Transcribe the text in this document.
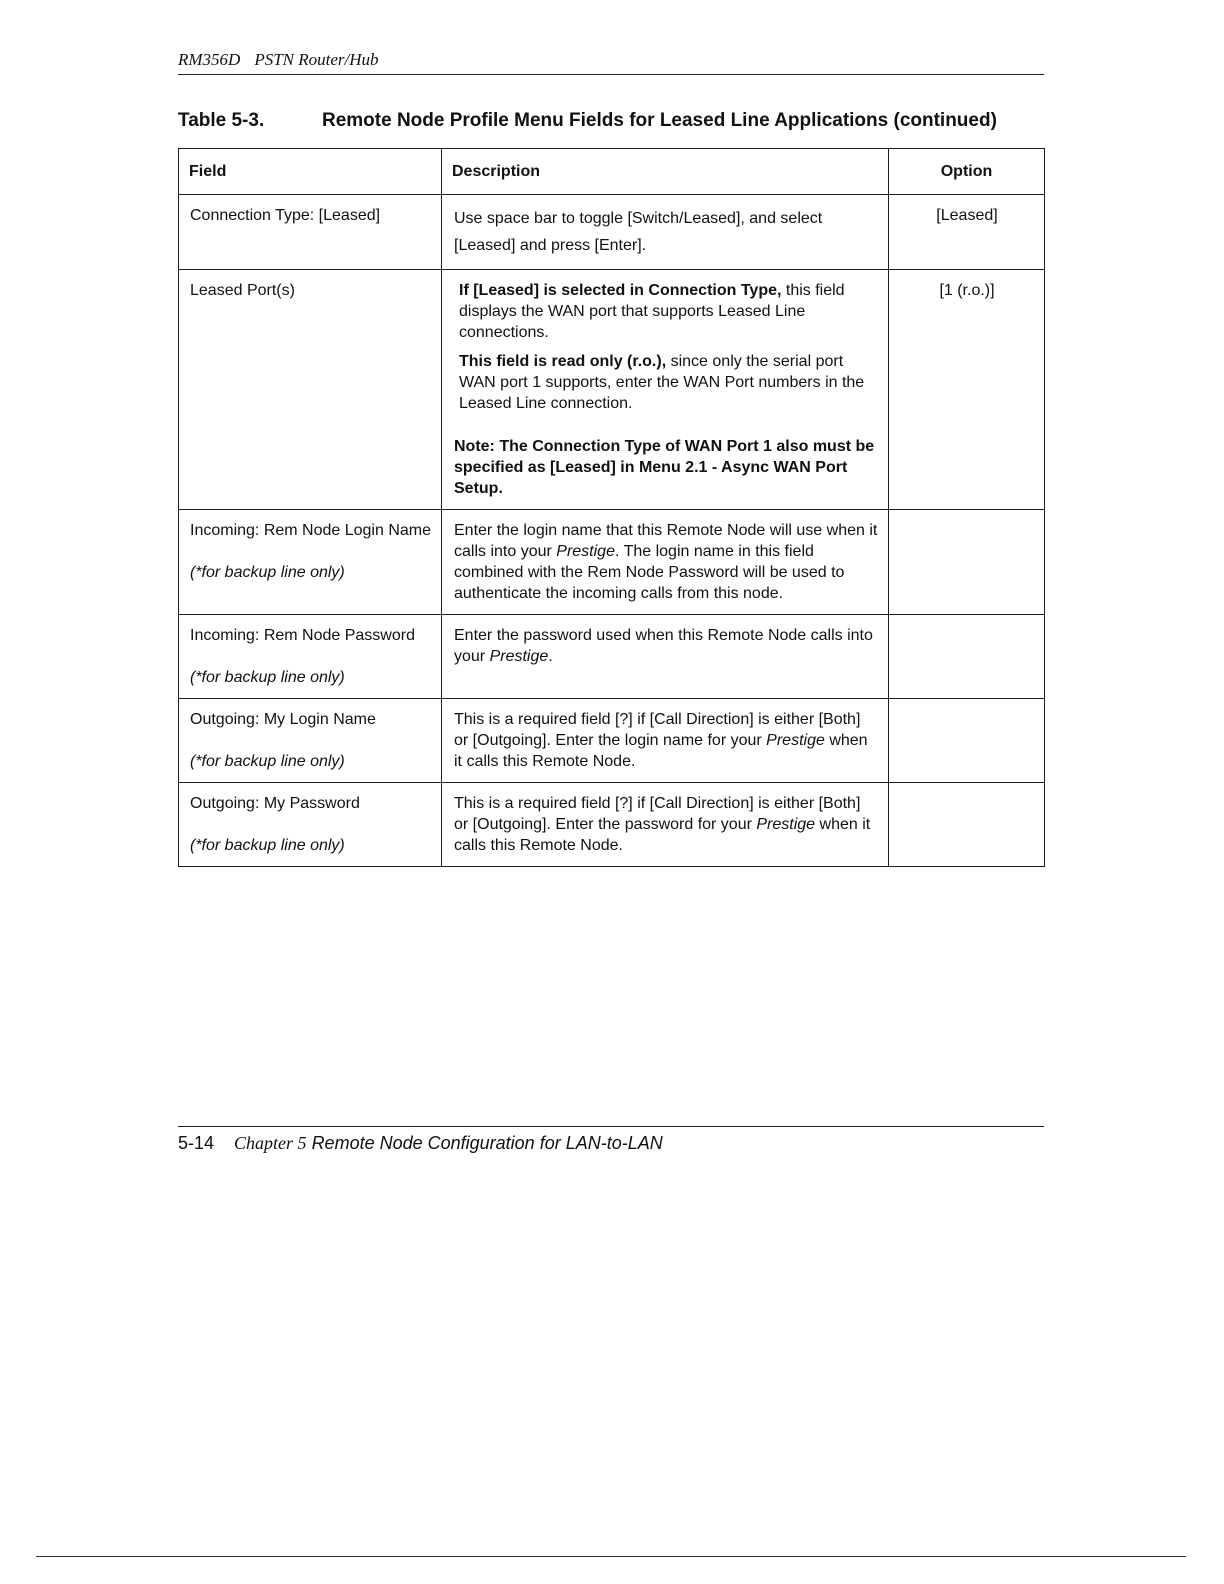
RM356D PSTN Router/Hub
Table 5-3.	Remote Node Profile Menu Fields for Leased Line Applications (continued)
Field	Description	Option
Connection Type: [Leased]	Use space bar to toggle [Switch/Leased], and select [Leased] and press [Enter].	[Leased]
Leased Port(s)	If [Leased] is selected in Connection Type, this field displays the WAN port that supports Leased Line connections.
This field is read only (r.o.), since only the serial port WAN port 1 supports, enter the WAN Port numbers in the Leased Line connection.
Note: The Connection Type of WAN Port 1 also must be specified as [Leased] in Menu 2.1 - Async WAN Port Setup.	[1 (r.o.)]

Incoming: Rem Node Login Name
(*for backup line only)	Enter the login name that this Remote Node will use when it calls into your Prestige. The login name in this field combined with the Rem Node Password will be used to authenticate the incoming calls from this node.	

Incoming: Rem Node Password
(*for backup line only)	Enter the password used when this Remote Node calls into your Prestige.	

Outgoing: My Login Name
(*for backup line only)	This is a required field [?] if [Call Direction] is either [Both] or [Outgoing]. Enter the login name for your Prestige when it calls this Remote Node.	

Outgoing: My Password
(*for backup line only)	This is a required field [?] if [Call Direction] is either [Both] or [Outgoing]. Enter the password for your Prestige when it calls this Remote Node.	
5-14 Chapter 5 Remote Node Configuration for LAN-to-LAN
